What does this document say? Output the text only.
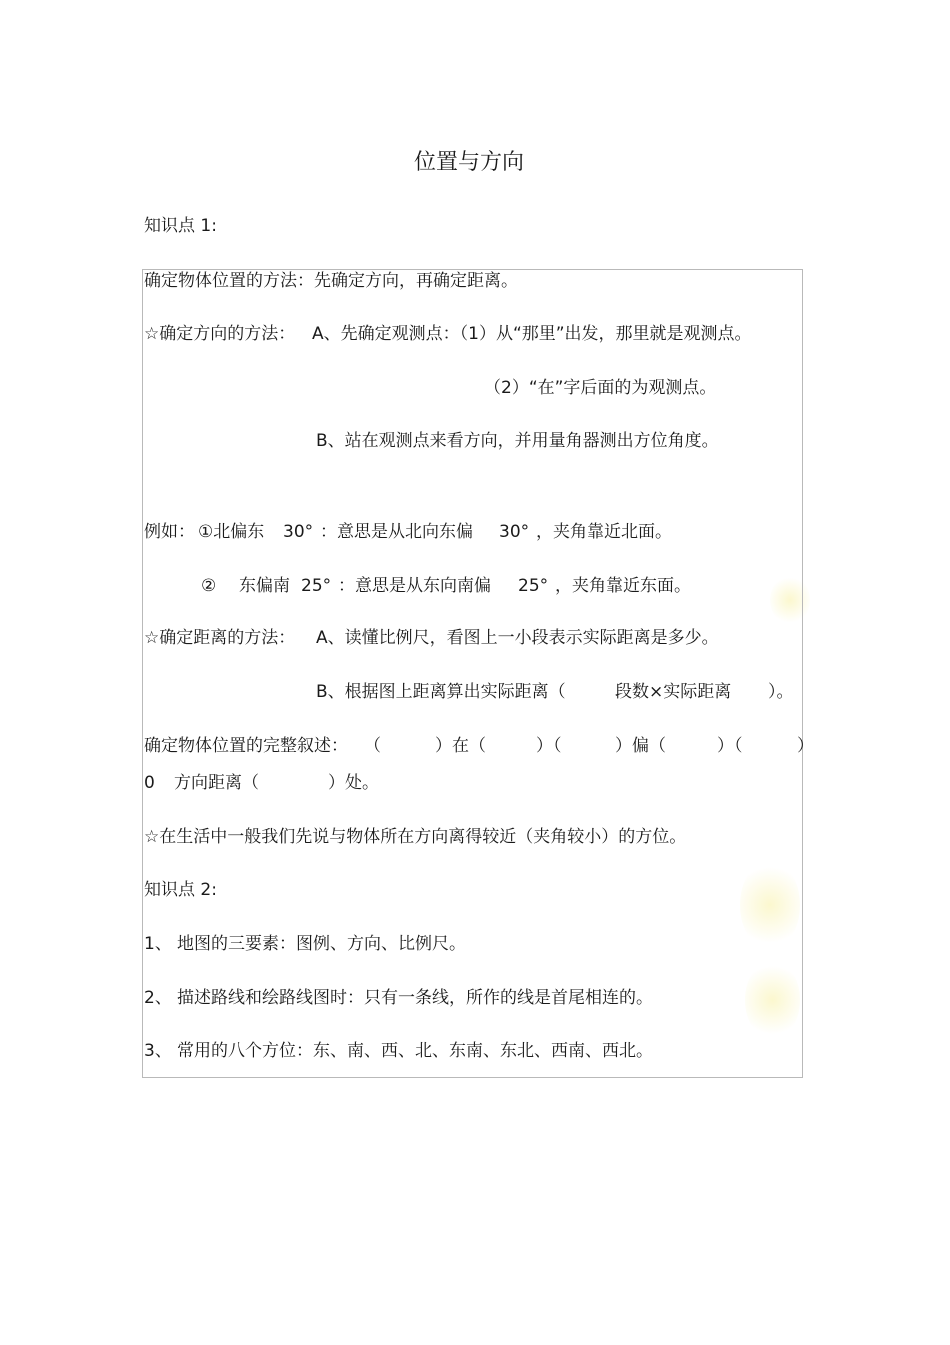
位置与方向
知识点 1:
确定物体位置的方法：先确定方向，再确定距离。
☆确定方向的方法： A、先确定观测点：（1）从“那里”出发，那里就是观测点。
（2）“在”字后面的为观测点。
B、站在观测点来看方向，并用量角器测出方位角度。
例如： ①北偏东 30° ：意思是从北向东偏 30° ，夹角靠近北面。
② 东偏南 25° ：意思是从东向南偏 25° ，夹角靠近东面。
☆确定距离的方法： A、读懂比例尺，看图上一小段表示实际距离是多少。
B、根据图上距离算出实际距离（	段数×实际距离 ）。
确定物体位置的完整叙述： （	）在（	）（	）偏（	）（	）
0 方向距离（	）处。
☆在生活中一般我们先说与物体所在方向离得较近（夹角较小）的方位。
知识点 2:
1、 地图的三要素：图例、方向、比例尺。
2、 描述路线和绘路线图时：只有一条线，所作的线是首尾相连的。
3、 常用的八个方位：东、南、西、北、东南、东北、西南、西北。
